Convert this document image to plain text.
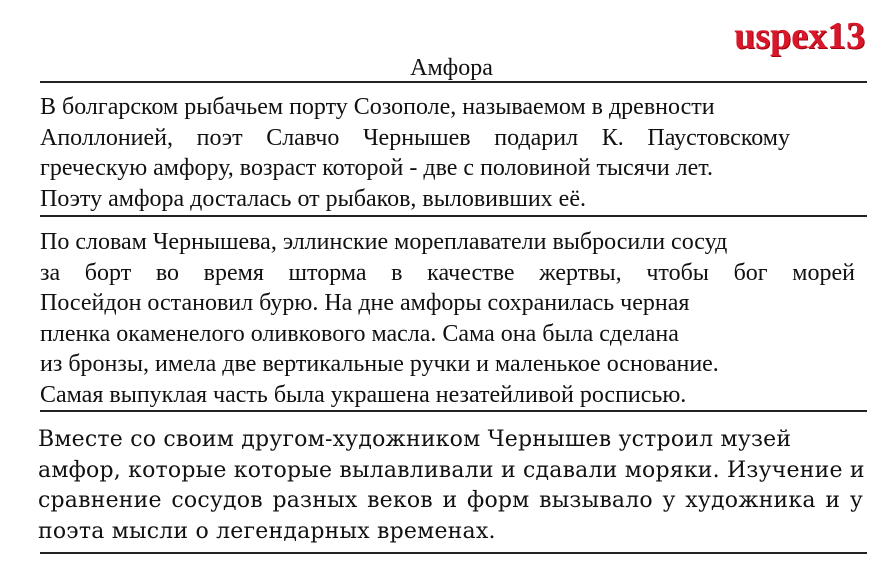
uspex13
Амфора
В болгарском рыбачьем порту Созополе, называемом в древности
Аполлонией, поэт Славчо Чернышев подарил К. Паустовскому
греческую амфору, возраст которой - две с половиной тысячи лет.
Поэту амфора досталась от рыбаков, выловивших её.
По словам Чернышева, эллинские мореплаватели выбросили сосуд
за борт во время шторма в качестве жертвы, чтобы бог морей
Посейдон остановил бурю. На дне амфоры сохранилась черная
пленка окаменелого оливкового масла. Сама она была сделана
из бронзы, имела две вертикальные ручки и маленькое основание.
Самая выпуклая часть была украшена незатейливой росписью.
Вместе со своим другом-художником Чернышев устроил музей
амфор, которые которые вылавливали и сдавали моряки. Изучение и
сравнение сосудов разных веков и форм вызывало у художника и у
поэта мысли о легендарных временах.
